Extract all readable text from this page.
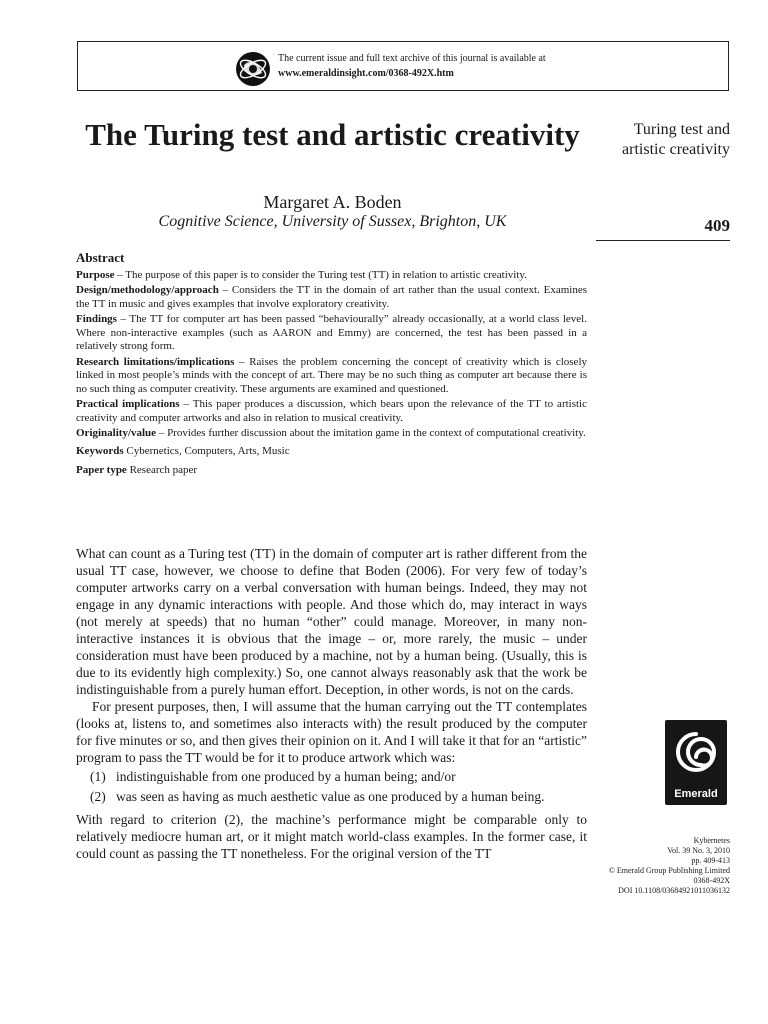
The current issue and full text archive of this journal is available at
www.emeraldinsight.com/0368-492X.htm
The Turing test and artistic creativity
Margaret A. Boden
Cognitive Science, University of Sussex, Brighton, UK
Turing test and artistic creativity
409
Abstract

Purpose – The purpose of this paper is to consider the Turing test (TT) in relation to artistic creativity.

Design/methodology/approach – Considers the TT in the domain of art rather than the usual context. Examines the TT in music and gives examples that involve exploratory creativity.

Findings – The TT for computer art has been passed “behaviourally” already occasionally, at a world class level. Where non-interactive examples (such as AARON and Emmy) are concerned, the test has been passed in a relatively strong form.

Research limitations/implications – Raises the problem concerning the concept of creativity which is closely linked in most people’s minds with the concept of art. There may be no such thing as computer art because there is no such thing as computer creativity. These arguments are examined and questioned.

Practical implications – This paper produces a discussion, which bears upon the relevance of the TT to artistic creativity and computer artworks and also in relation to musical creativity.

Originality/value – Provides further discussion about the imitation game in the context of computational creativity.

Keywords Cybernetics, Computers, Arts, Music

Paper type Research paper

What can count as a Turing test (TT) in the domain of computer art is rather different from the usual TT case, however, we choose to define that Boden (2006). For very few of today’s computer artworks carry on a verbal conversation with human beings. Indeed, they may not engage in any dynamic interactions with people. And those which do, may interact in ways (not merely at speeds) that no human “other” could manage. Moreover, in many non-interactive instances it is obvious that the image – or, more rarely, the music – under consideration must have been produced by a machine, not by a human being. (Usually, this is due to its evidently high complexity.) So, one cannot always reasonably ask that the work be indistinguishable from a purely human effort. Deception, in other words, is not on the cards.

For present purposes, then, I will assume that the human carrying out the TT contemplates (looks at, listens to, and sometimes also interacts with) the result produced by the computer for five minutes or so, and then gives their opinion on it. And I will take it that for an “artistic” program to pass the TT would be for it to produce artwork which was:

(1) indistinguishable from one produced by a human being; and/or
(2) was seen as having as much aesthetic value as one produced by a human being.

With regard to criterion (2), the machine’s performance might be comparable only to relatively mediocre human art, or it might match world-class examples. In the former case, it could count as passing the TT nonetheless. For the original version of the TT

Emerald
Kybernetes
Vol. 39 No. 3, 2010
pp. 409-413
© Emerald Group Publishing Limited
0368-492X
DOI 10.1108/03684921011036132
